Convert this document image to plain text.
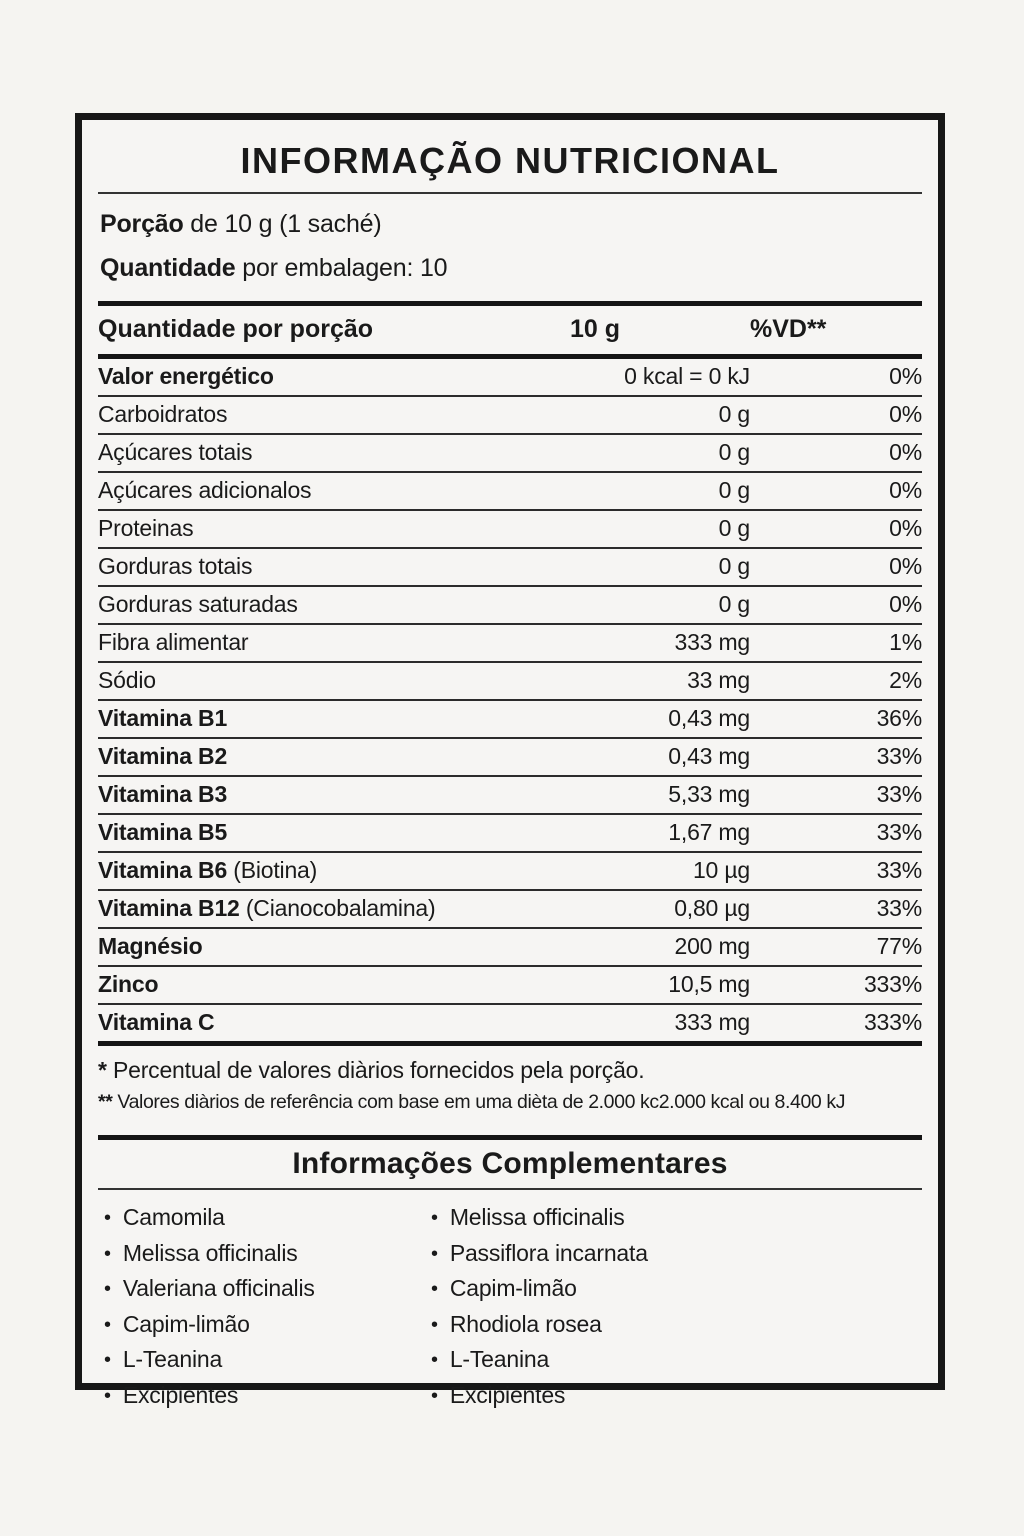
INFORMAÇÃO NUTRICIONAL
Porção de 10 g (1 saché)
Quantidade por embalagen: 10
Quantidade por porção	10 g	%VD**
Valor energético	0 kcal = 0 kJ	0%
Carboidratos	0 g	0%
Açúcares totais	0 g	0%
Açúcares adicionalos	0 g	0%
Proteinas	0 g	0%
Gorduras totais	0 g	0%
Gorduras saturadas	0 g	0%
Fibra alimentar	333 mg	1%
Sódio	33 mg	2%
Vitamina B1	0,43 mg	36%
Vitamina B2	0,43 mg	33%
Vitamina B3	5,33 mg	33%
Vitamina B5	1,67 mg	33%
Vitamina B6 (Biotina)	10 µg	33%
Vitamina B12 (Cianocobalamina)	0,80 µg	33%
Magnésio	200 mg	77%
Zinco	10,5 mg	333%
Vitamina C	333 mg	333%
* Percentual de valores diàrios fornecidos pela porção.
** Valores diàrios de referência com base em uma dièta de 2.000 kc2.000 kcal ou 8.400 kJ
Informações Complementares
• Camomila
• Melissa officinalis
• Valeriana officinalis
• Capim-limão
• L-Teanina
• Excipientes
• Melissa officinalis
• Passiflora incarnata
• Capim-limão
• Rhodiola rosea
• L-Teanina
• Excipientes
